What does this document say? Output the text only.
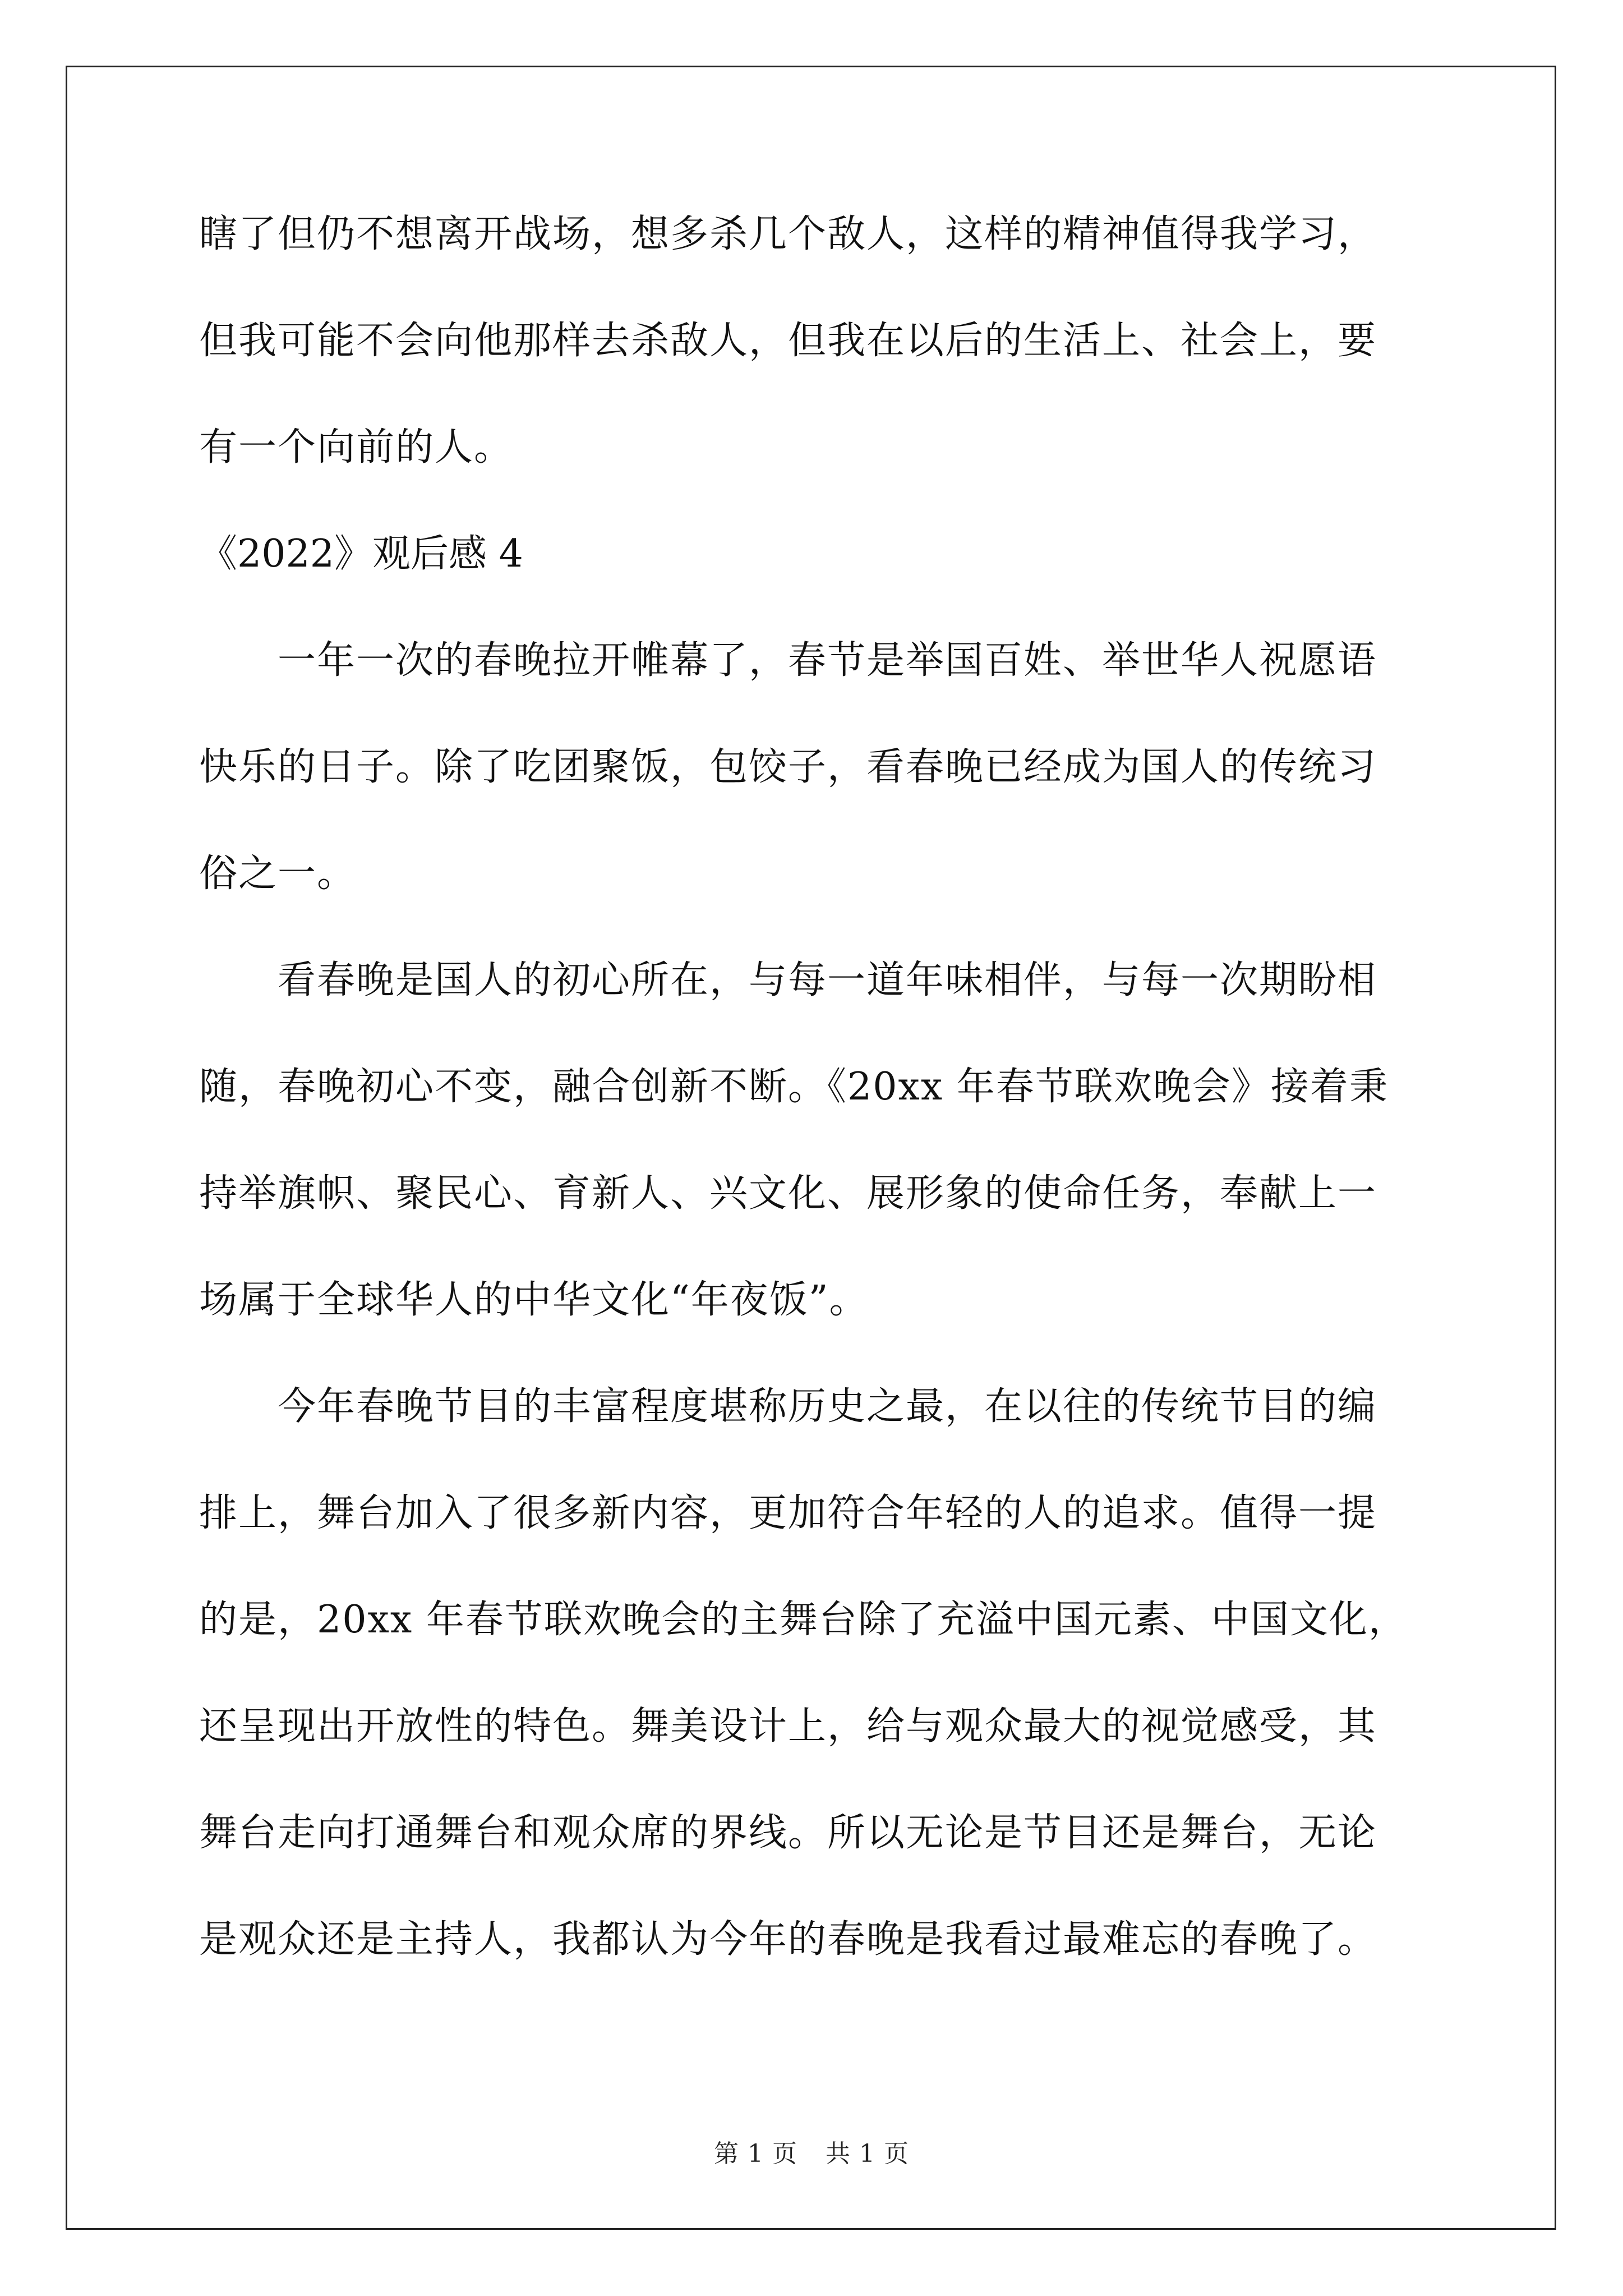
瞎了但仍不想离开战场，想多杀几个敌人，这样的精神值得我学习，
但我可能不会向他那样去杀敌人，但我在以后的生活上、社会上，要
有一个向前的人。
《2022》观后感 4
一年一次的春晚拉开帷幕了，春节是举国百姓、举世华人祝愿语
快乐的日子。除了吃团聚饭，包饺子，看春晚已经成为国人的传统习
俗之一。
看春晚是国人的初心所在，与每一道年味相伴，与每一次期盼相
随，春晚初心不变，融合创新不断。《20xx 年春节联欢晚会》接着秉
持举旗帜、聚民心、育新人、兴文化、展形象的使命任务，奉献上一
场属于全球华人的中华文化“年夜饭”。
今年春晚节目的丰富程度堪称历史之最，在以往的传统节目的编
排上，舞台加入了很多新内容，更加符合年轻的人的追求。值得一提
的是，20xx 年春节联欢晚会的主舞台除了充溢中国元素、中国文化，
还呈现出开放性的特色。舞美设计上，给与观众最大的视觉感受，其
舞台走向打通舞台和观众席的界线。所以无论是节目还是舞台，无论
是观众还是主持人，我都认为今年的春晚是我看过最难忘的春晚了。
第 1 页 共 1 页
